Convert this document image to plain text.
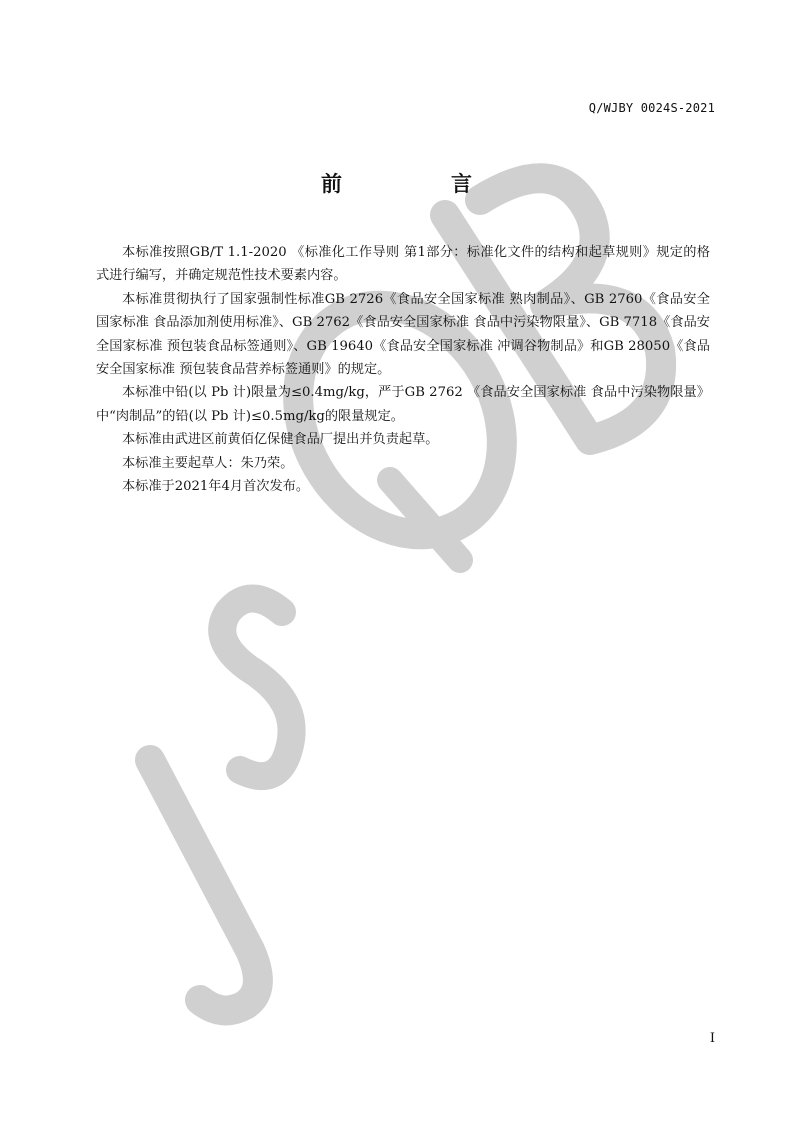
Q/WJBY 0024S-2021
前　言

本标准按照GB/T 1.1-2020 《标准化工作导则 第1部分：标准化文件的结构和起草规则》规定的格式进行编写，并确定规范性技术要素内容。

本标准贯彻执行了国家强制性标准GB 2726《食品安全国家标准 熟肉制品》、GB 2760《食品安全国家标准 食品添加剂使用标准》、GB 2762《食品安全国家标准 食品中污染物限量》、GB 7718《食品安全国家标准 预包装食品标签通则》、GB 19640《食品安全国家标准 冲调谷物制品》和GB 28050《食品安全国家标准 预包装食品营养标签通则》的规定。

本标准中铅(以 Pb 计)限量为≤0.4mg/kg，严于GB 2762 《食品安全国家标准 食品中污染物限量》中“肉制品”的铅(以 Pb 计)≤0.5mg/kg的限量规定。

本标准由武进区前黄佰亿保健食品厂提出并负责起草。

本标准主要起草人：朱乃荣。

本标准于2021年4月首次发布。

I
